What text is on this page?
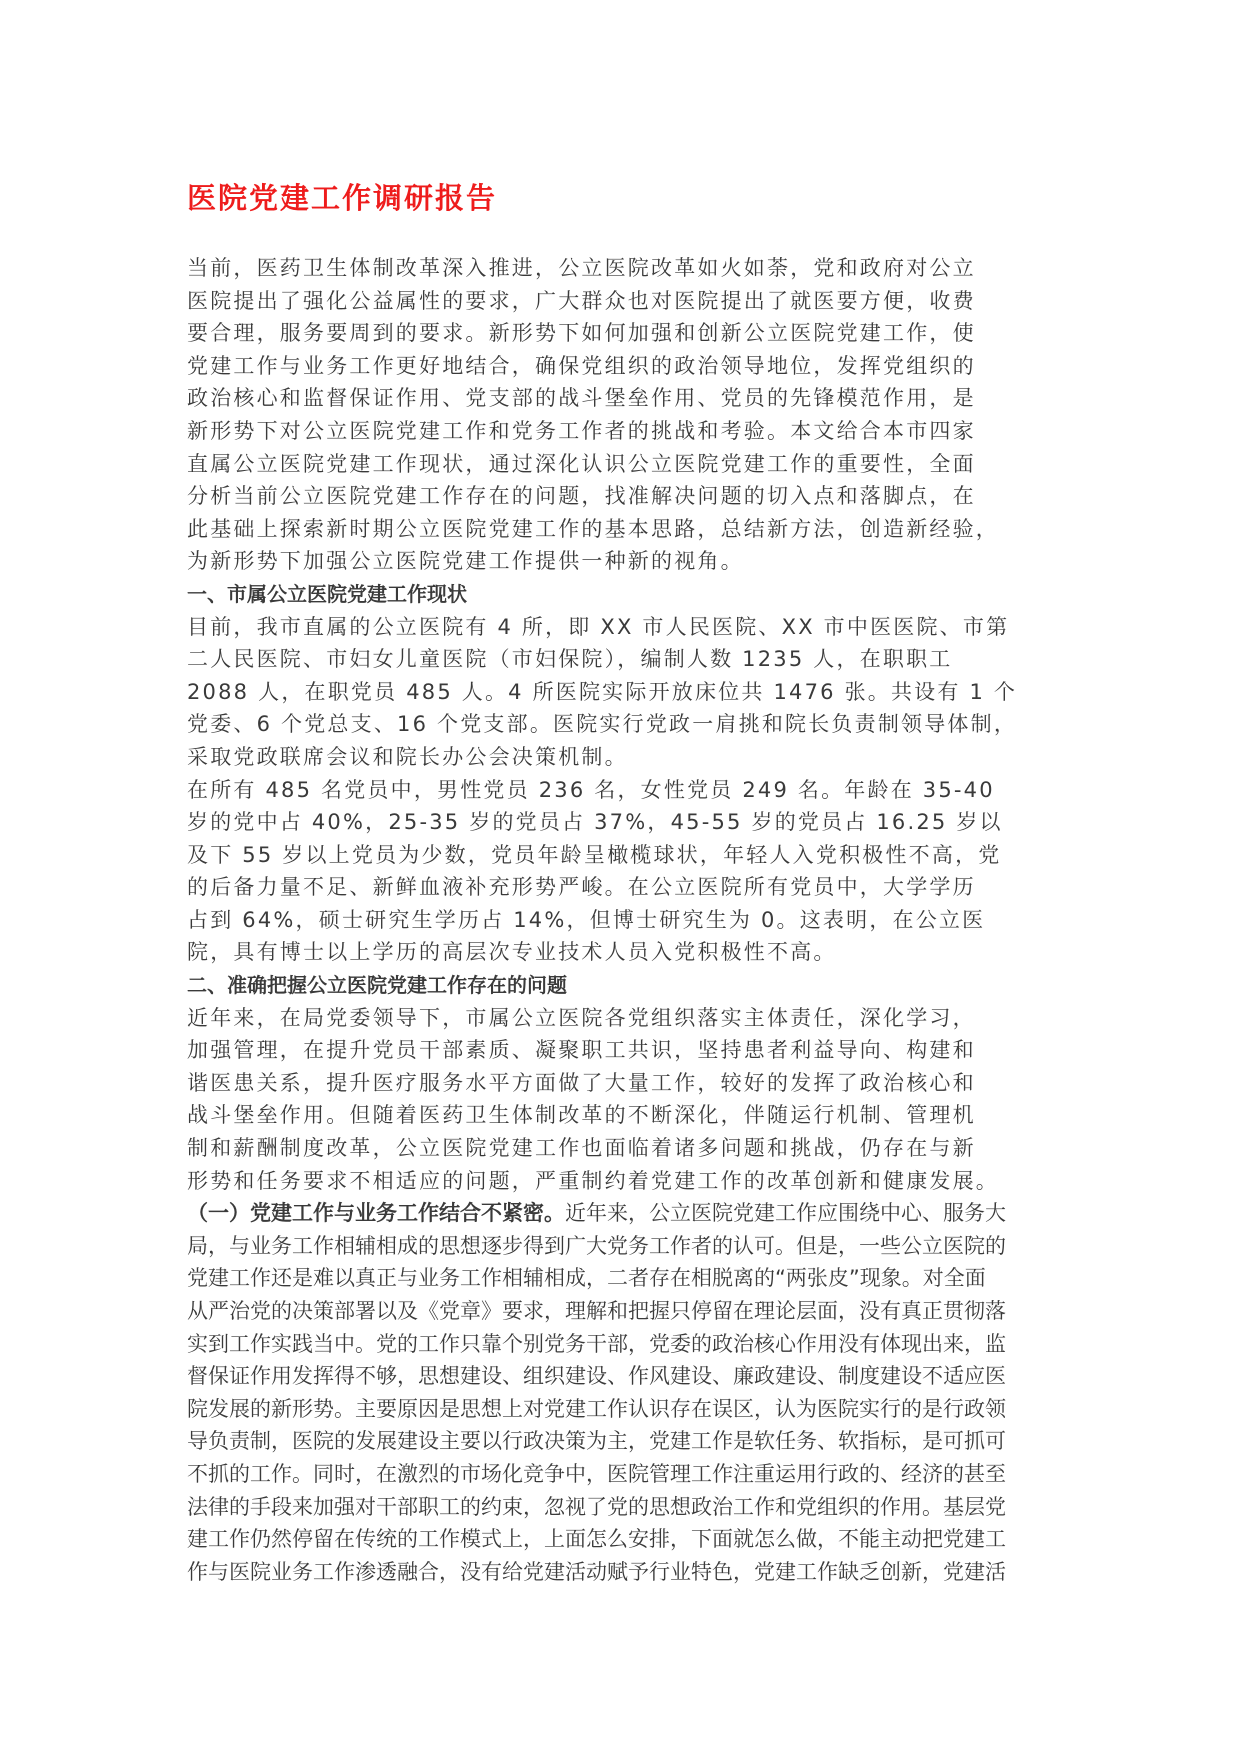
医院党建工作调研报告
当前，医药卫生体制改革深入推进，公立医院改革如火如荼，党和政府对公立
医院提出了强化公益属性的要求，广大群众也对医院提出了就医要方便，收费
要合理，服务要周到的要求。新形势下如何加强和创新公立医院党建工作，使
党建工作与业务工作更好地结合，确保党组织的政治领导地位，发挥党组织的
政治核心和监督保证作用、党支部的战斗堡垒作用、党员的先锋模范作用，是
新形势下对公立医院党建工作和党务工作者的挑战和考验。本文给合本市四家
直属公立医院党建工作现状，通过深化认识公立医院党建工作的重要性，全面
分析当前公立医院党建工作存在的问题，找准解决问题的切入点和落脚点，在
此基础上探索新时期公立医院党建工作的基本思路，总结新方法，创造新经验，
为新形势下加强公立医院党建工作提供一种新的视角。
一、市属公立医院党建工作现状
目前，我市直属的公立医院有 4 所，即 XX 市人民医院、XX 市中医医院、市第
二人民医院、市妇女儿童医院（市妇保院），编制人数 1235 人，在职职工
2088 人，在职党员 485 人。4 所医院实际开放床位共 1476 张。共设有 1 个
党委、6 个党总支、16 个党支部。医院实行党政一肩挑和院长负责制领导体制，
采取党政联席会议和院长办公会决策机制。
在所有 485 名党员中，男性党员 236 名，女性党员 249 名。年龄在 35-40
岁的党中占 40%，25-35 岁的党员占 37%，45-55 岁的党员占 16.25 岁以
及下 55 岁以上党员为少数，党员年龄呈橄榄球状，年轻人入党积极性不高，党
的后备力量不足、新鲜血液补充形势严峻。在公立医院所有党员中，大学学历
占到 64%，硕士研究生学历占 14%，但博士研究生为 0。这表明，在公立医
院，具有博士以上学历的高层次专业技术人员入党积极性不高。
二、准确把握公立医院党建工作存在的问题
近年来，在局党委领导下，市属公立医院各党组织落实主体责任，深化学习，
加强管理，在提升党员干部素质、凝聚职工共识，坚持患者利益导向、构建和
谐医患关系，提升医疗服务水平方面做了大量工作，较好的发挥了政治核心和
战斗堡垒作用。但随着医药卫生体制改革的不断深化，伴随运行机制、管理机
制和薪酬制度改革，公立医院党建工作也面临着诸多问题和挑战，仍存在与新
形势和任务要求不相适应的问题，严重制约着党建工作的改革创新和健康发展。
（一）党建工作与业务工作结合不紧密。近年来，公立医院党建工作应围绕中心、服务大
局，与业务工作相辅相成的思想逐步得到广大党务工作者的认可。但是，一些公立医院的
党建工作还是难以真正与业务工作相辅相成，二者存在相脱离的“两张皮”现象。对全面
从严治党的决策部署以及《党章》要求，理解和把握只停留在理论层面，没有真正贯彻落
实到工作实践当中。党的工作只靠个别党务干部，党委的政治核心作用没有体现出来，监
督保证作用发挥得不够，思想建设、组织建设、作风建设、廉政建设、制度建设不适应医
院发展的新形势。主要原因是思想上对党建工作认识存在误区，认为医院实行的是行政领
导负责制，医院的发展建设主要以行政决策为主，党建工作是软任务、软指标，是可抓可
不抓的工作。同时，在激烈的市场化竞争中，医院管理工作注重运用行政的、经济的甚至
法律的手段来加强对干部职工的约束，忽视了党的思想政治工作和党组织的作用。基层党
建工作仍然停留在传统的工作模式上，上面怎么安排，下面就怎么做，不能主动把党建工
作与医院业务工作渗透融合，没有给党建活动赋予行业特色，党建工作缺乏创新，党建活
